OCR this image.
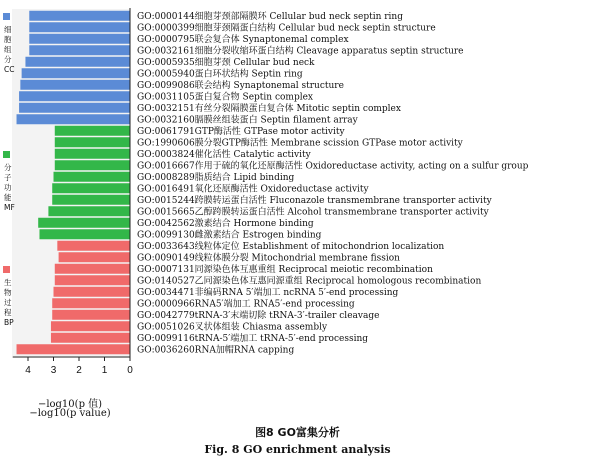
GO:0000144细胞芽颈部隔膜环 Cellular bud neck septin ring
GO:0000399细胞芽颈隔蛋白结构 Cellular bud neck septin structure
GO:0000795联会复合体 Synaptonemal complex
GO:0032161细胞分裂收缩环蛋白结构 Cleavage apparatus septin structure
GO:0005935细胞芽颈 Cellular bud neck
GO:0005940蛋白环状结构 Septin ring
GO:0099086联会结构 Synaptonemal structure
GO:0031105蛋白复合物 Septin complex
GO:0032151有丝分裂隔膜蛋白复合体 Mitotic septin complex
GO:0032160膈膜丝组装蛋白 Septin filament array
GO:0061791GTP酶活性 GTPase motor activity
GO:1990606膜分裂GTP酶活性 Membrane scission GTPase motor activity
GO:0003824催化活性 Catalytic activity
GO:0016667作用于硫的氧化还原酶活性 Oxidoreductase activity, acting on a sulfur group
GO:0008289脂质结合 Lipid binding
GO:0016491氧化还原酶活性 Oxidoreductase activity
GO:0015244跨膜转运蛋白活性 Fluconazole transmembrane transporter activity
GO:0015665乙醇跨膜转运蛋白活性 Alcohol transmembrane transporter activity
GO:0042562激素结合 Hormone binding
GO:0099130雌激素结合 Estrogen binding
GO:0033643线粒体定位 Establishment of mitochondrion localization
GO:0090149线粒体膜分裂 Mitochondrial membrane fission
GO:0007131同源染色体互惠重组 Reciprocal meiotic recombination
GO:0140527乙同源染色体互惠同源重组 Reciprocal homologous recombination
GO:0034471非编码RNA 5′端加工 ncRNA 5′-end processing
GO:0000966RNA5′端加工 RNA5′-end processing
GO:0042779tRNA-3′末端切除 tRNA-3′-trailer cleavage
GO:0051026叉状体组装 Chiasma assembly
GO:0099116tRNA-5′端加工 tRNA-5′-end processing
GO:0036260RNA加帽RNA capping
4 3 2 1 0
细
胞
组
分
CC
分
子
功
能
MF
生
物
过
程
BP
−log10(p 值)
−log10(p value)
图8 GO富集分析
Fig. 8 GO enrichment analysis
